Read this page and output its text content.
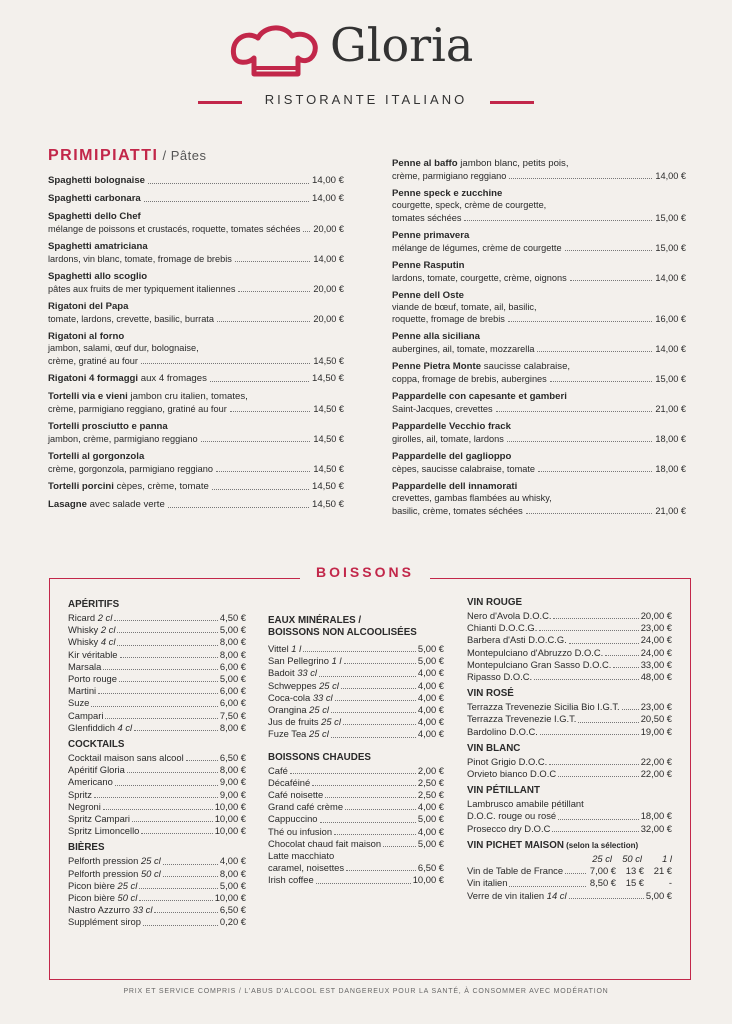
Gloria
RISTORANTE ITALIANO
PRIMIPIATTI / Pâtes
Spaghetti bolognaise	14,00 €
Spaghetti carbonara	14,00 €
Spaghetti dello Chef
mélange de poissons et crustacés, roquette, tomates séchées 20,00 €
Spaghetti amatriciana
lardons, vin blanc, tomate, fromage de brebis	14,00 €
Spaghetti allo scoglio
pâtes aux fruits de mer typiquement italiennes	20,00 €
Rigatoni del Papa
tomate, lardons, crevette, basilic, burrata	20,00 €
Rigatoni al forno
jambon, salami, œuf dur, bolognaise,
crème, gratiné au four	14,50 €
Rigatoni 4 formaggi aux 4 fromages	14,50 €
Tortelli via e vieni jambon cru italien, tomates,
crème, parmigiano reggiano, gratiné au four	14,50 €
Tortelli prosciutto e panna
jambon, crème, parmigiano reggiano	14,50 €
Tortelli al gorgonzola
crème, gorgonzola, parmigiano reggiano	14,50 €
Tortelli porcini cèpes, crème, tomate	14,50 €
Lasagne avec salade verte	14,50 €
Penne al baffo jambon blanc, petits pois,
crème, parmigiano reggiano	14,00 €
Penne speck e zucchine
courgette, speck, crème de courgette,
tomates séchées	15,00 €
Penne primavera
mélange de légumes, crème de courgette	15,00 €
Penne Rasputin
lardons, tomate, courgette, crème, oignons	14,00 €
Penne dell Oste
viande de bœuf, tomate, ail, basilic,
roquette, fromage de brebis	16,00 €
Penne alla siciliana
aubergines, ail, tomate, mozzarella	14,00 €
Penne Pietra Monte saucisse calabraise,
coppa, fromage de brebis, aubergines	15,00 €
Pappardelle con capesante et gamberi
Saint-Jacques, crevettes	21,00 €
Pappardelle Vecchio frack
girolles, ail, tomate, lardons	18,00 €
Pappardelle del gaglioppo
cèpes, saucisse calabraise, tomate	18,00 €
Pappardelle dell innamorati
crevettes, gambas flambées au whisky,
basilic, crème, tomates séchées	21,00 €
BOISSONS
APÉRITIFS
Ricard 2 cl	4,50 €
Whisky 2 cl	5,00 €
Whisky 4 cl	8,00 €
Kir véritable	8,00 €
Marsala	6,00 €
Porto rouge	5,00 €
Martini	6,00 €
Suze	6,00 €
Campari	7,50 €
Glenfiddich 4 cl	8,00 €
COCKTAILS
Cocktail maison sans alcool	6,50 €
Apéritif Gloria	8,00 €
Americano	9,00 €
Spritz	9,00 €
Negroni	10,00 €
Spritz Campari	10,00 €
Spritz Limoncello	10,00 €
BIÈRES
Pelforth pression 25 cl	4,00 €
Pelforth pression 50 cl	8,00 €
Picon bière 25 cl	5,00 €
Picon bière 50 cl	10,00 €
Nastro Azzurro 33 cl	6,50 €
Supplément sirop	0,20 €
EAUX MINÉRALES /
BOISSONS NON ALCOOLISÉES
Vittel 1 l	5,00 €
San Pellegrino 1 l	5,00 €
Badoit 33 cl	4,00 €
Schweppes 25 cl	4,00 €
Coca-cola 33 cl	4,00 €
Orangina 25 cl	4,00 €
Jus de fruits 25 cl	4,00 €
Fuze Tea 25 cl	4,00 €
BOISSONS CHAUDES
Café	2,00 €
Décaféiné	2,50 €
Café noisette	2,50 €
Grand café crème	4,00 €
Cappuccino	5,00 €
Thé ou infusion	4,00 €
Chocolat chaud fait maison	5,00 €
Latte macchiato
caramel, noisettes	6,50 €
Irish coffee	10,00 €
VIN ROUGE
Nero d'Avola D.O.C.	20,00 €
Chianti D.O.C.G.	23,00 €
Barbera d'Asti D.O.C.G.	24,00 €
Montepulciano d'Abruzzo D.O.C.	24,00 €
Montepulciano Gran Sasso D.O.C.	33,00 €
Ripasso D.O.C.	48,00 €
VIN ROSÉ
Terrazza Trevenezie Sicilia Bio I.G.T. 23,00 €
Terrazza Trevenezie I.G.T.	20,50 €
Bardolino D.O.C.	19,00 €
VIN BLANC
Pinot Grigio D.O.C.	22,00 €
Orvieto bianco D.O.C	22,00 €
VIN PÉTILLANT
Lambrusco amabile pétillant
D.O.C. rouge ou rosé	18,00 €
Prosecco dry D.O.C	32,00 €
VIN PICHET MAISON (selon la sélection)
25 cl	50 cl	1 l
Vin de Table de France	7,00 €	13 €	21 €
Vin italien	8,50 €	15 €	-
Verre de vin italien 14 cl	5,00 €
PRIX ET SERVICE COMPRIS / L'ABUS D'ALCOOL EST DANGEREUX POUR LA SANTÉ, À CONSOMMER AVEC MODÉRATION
